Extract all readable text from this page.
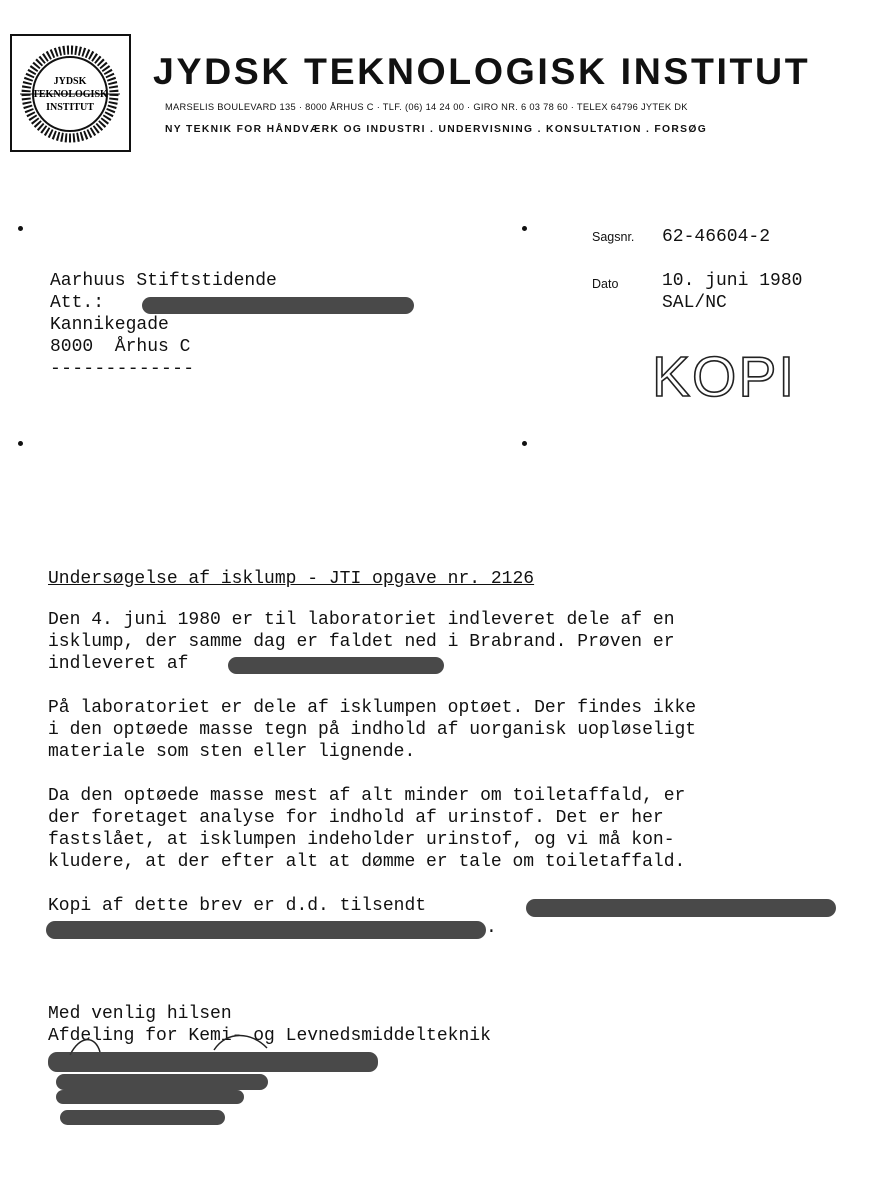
JYDSK
TEKNOLOGISK
INSTITUT
JYDSK TEKNOLOGISK INSTITUT
MARSELIS BOULEVARD 135 · 8000 ÅRHUS C · TLF. (06) 14 24 00 · GIRO NR. 6 03 78 60 · TELEX 64796 JYTEK DK
NY TEKNIK FOR HÅNDVÆRK OG INDUSTRI . UNDERVISNING . KONSULTATION . FORSØG
Sagsnr. 62-46604-2
Dato 10. juni 1980
SAL/NC
KOPI
Aarhuus Stiftstidende
Att.:
Kannikegade
8000  Århus C
-------------
Undersøgelse af isklump - JTI opgave nr. 2126
Den 4. juni 1980 er til laboratoriet indleveret dele af en
isklump, der samme dag er faldet ned i Brabrand. Prøven er
indleveret af
På laboratoriet er dele af isklumpen optøet. Der findes ikke
i den optøede masse tegn på indhold af uorganisk uopløseligt
materiale som sten eller lignende.
Da den optøede masse mest af alt minder om toiletaffald, er
der foretaget analyse for indhold af urinstof. Det er her
fastslået, at isklumpen indeholder urinstof, og vi må kon-
kludere, at der efter alt at dømme er tale om toiletaffald.
Kopi af dette brev er d.d. tilsendt
.
Med venlig hilsen
Afdeling for Kemi- og Levnedsmiddelteknik
